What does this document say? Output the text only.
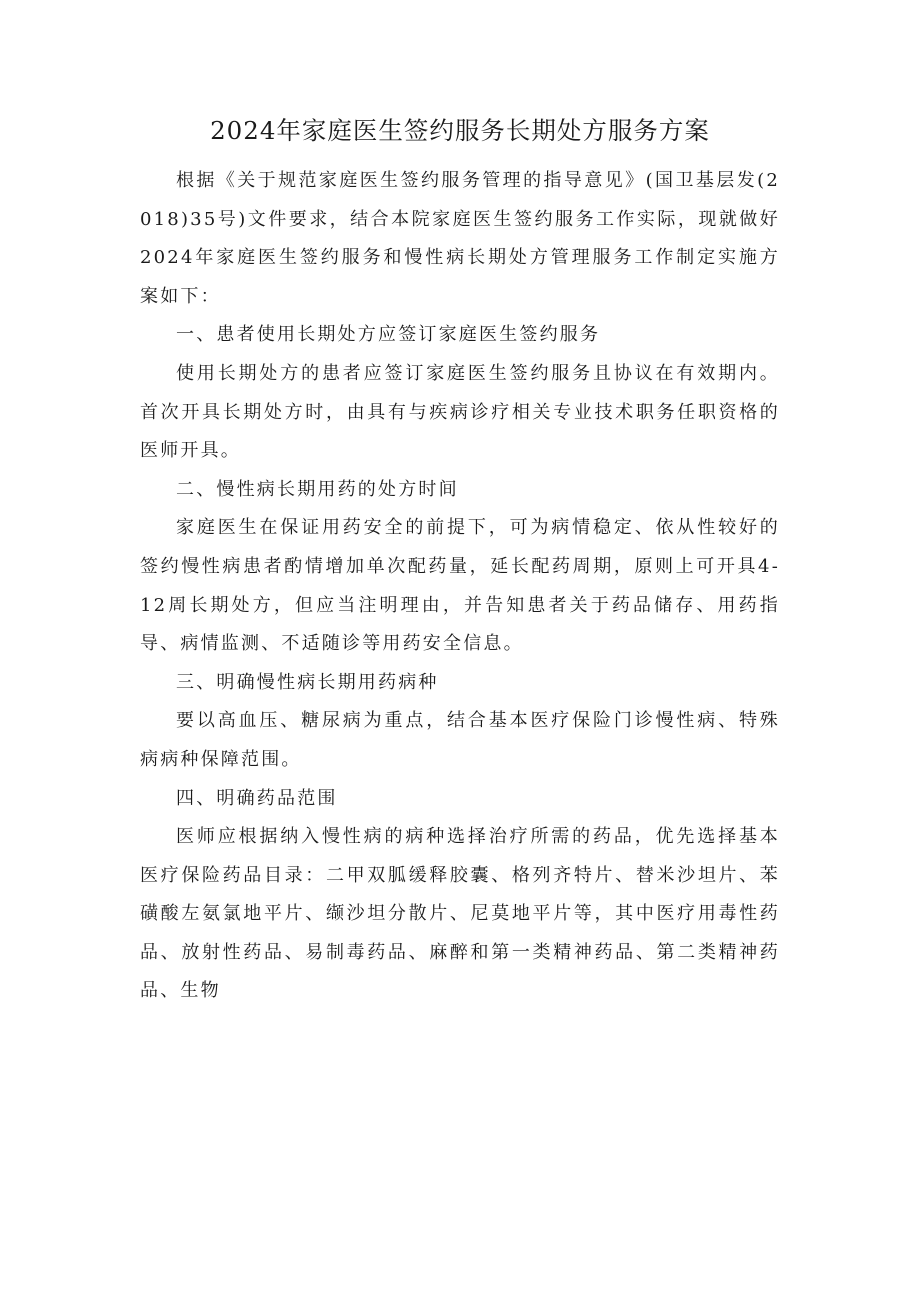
2024年家庭医生签约服务长期处方服务方案

根据《关于规范家庭医生签约服务管理的指导意见》(国卫基层发(2018)35号)文件要求，结合本院家庭医生签约服务工作实际，现就做好2024年家庭医生签约服务和慢性病长期处方管理服务工作制定实施方案如下：

一、患者使用长期处方应签订家庭医生签约服务

使用长期处方的患者应签订家庭医生签约服务且协议在有效期内。首次开具长期处方时，由具有与疾病诊疗相关专业技术职务任职资格的医师开具。

二、慢性病长期用药的处方时间

家庭医生在保证用药安全的前提下，可为病情稳定、依从性较好的签约慢性病患者酌情增加单次配药量，延长配药周期，原则上可开具4-12周长期处方，但应当注明理由，并告知患者关于药品储存、用药指导、病情监测、不适随诊等用药安全信息。

三、明确慢性病长期用药病种

要以高血压、糖尿病为重点，结合基本医疗保险门诊慢性病、特殊病病种保障范围。

四、明确药品范围

医师应根据纳入慢性病的病种选择治疗所需的药品，优先选择基本医疗保险药品目录：二甲双胍缓释胶囊、格列齐特片、替米沙坦片、苯磺酸左氨氯地平片、缬沙坦分散片、尼莫地平片等，其中医疗用毒性药品、放射性药品、易制毒药品、麻醉和第一类精神药品、第二类精神药品、生物
